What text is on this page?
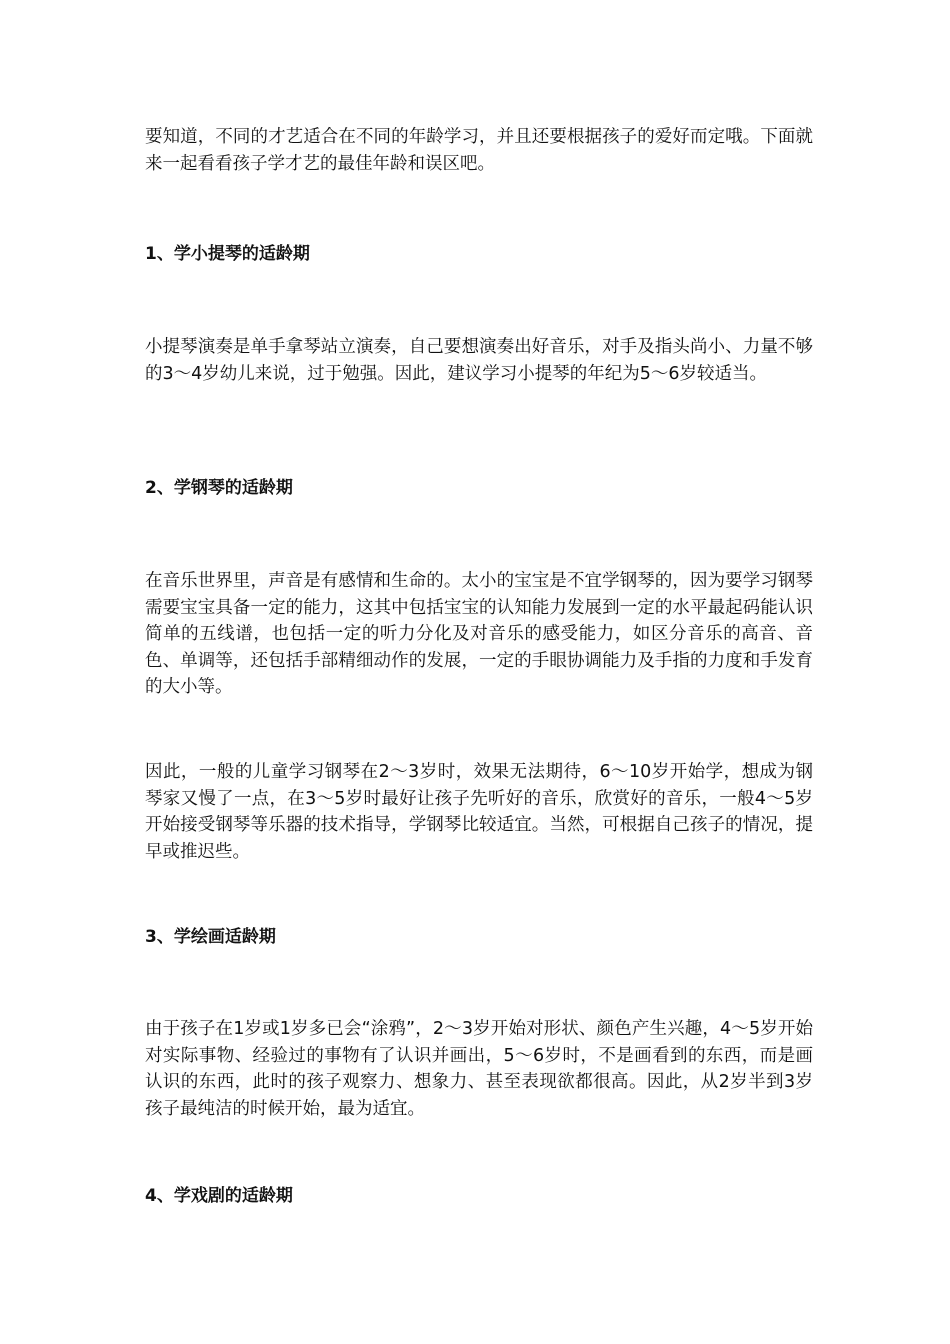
要知道，不同的才艺适合在不同的年龄学习，并且还要根据孩子的爱好而定哦。下面就来一起看看孩子学才艺的最佳年龄和误区吧。

1、学小提琴的适龄期

小提琴演奏是单手拿琴站立演奏，自己要想演奏出好音乐，对手及指头尚小、力量不够的3～4岁幼儿来说，过于勉强。因此，建议学习小提琴的年纪为5～6岁较适当。

2、学钢琴的适龄期

在音乐世界里，声音是有感情和生命的。太小的宝宝是不宜学钢琴的，因为要学习钢琴需要宝宝具备一定的能力，这其中包括宝宝的认知能力发展到一定的水平最起码能认识简单的五线谱，也包括一定的听力分化及对音乐的感受能力，如区分音乐的高音、音色、单调等，还包括手部精细动作的发展，一定的手眼协调能力及手指的力度和手发育的大小等。

因此，一般的儿童学习钢琴在2～3岁时，效果无法期待，6～10岁开始学，想成为钢琴家又慢了一点，在3～5岁时最好让孩子先听好的音乐，欣赏好的音乐，一般4～5岁开始接受钢琴等乐器的技术指导，学钢琴比较适宜。当然，可根据自己孩子的情况，提早或推迟些。

3、学绘画适龄期

由于孩子在1岁或1岁多已会“涂鸦”，2～3岁开始对形状、颜色产生兴趣，4～5岁开始对实际事物、经验过的事物有了认识并画出，5～6岁时，不是画看到的东西，而是画认识的东西，此时的孩子观察力、想象力、甚至表现欲都很高。因此，从2岁半到3岁孩子最纯洁的时候开始，最为适宜。

4、学戏剧的适龄期
